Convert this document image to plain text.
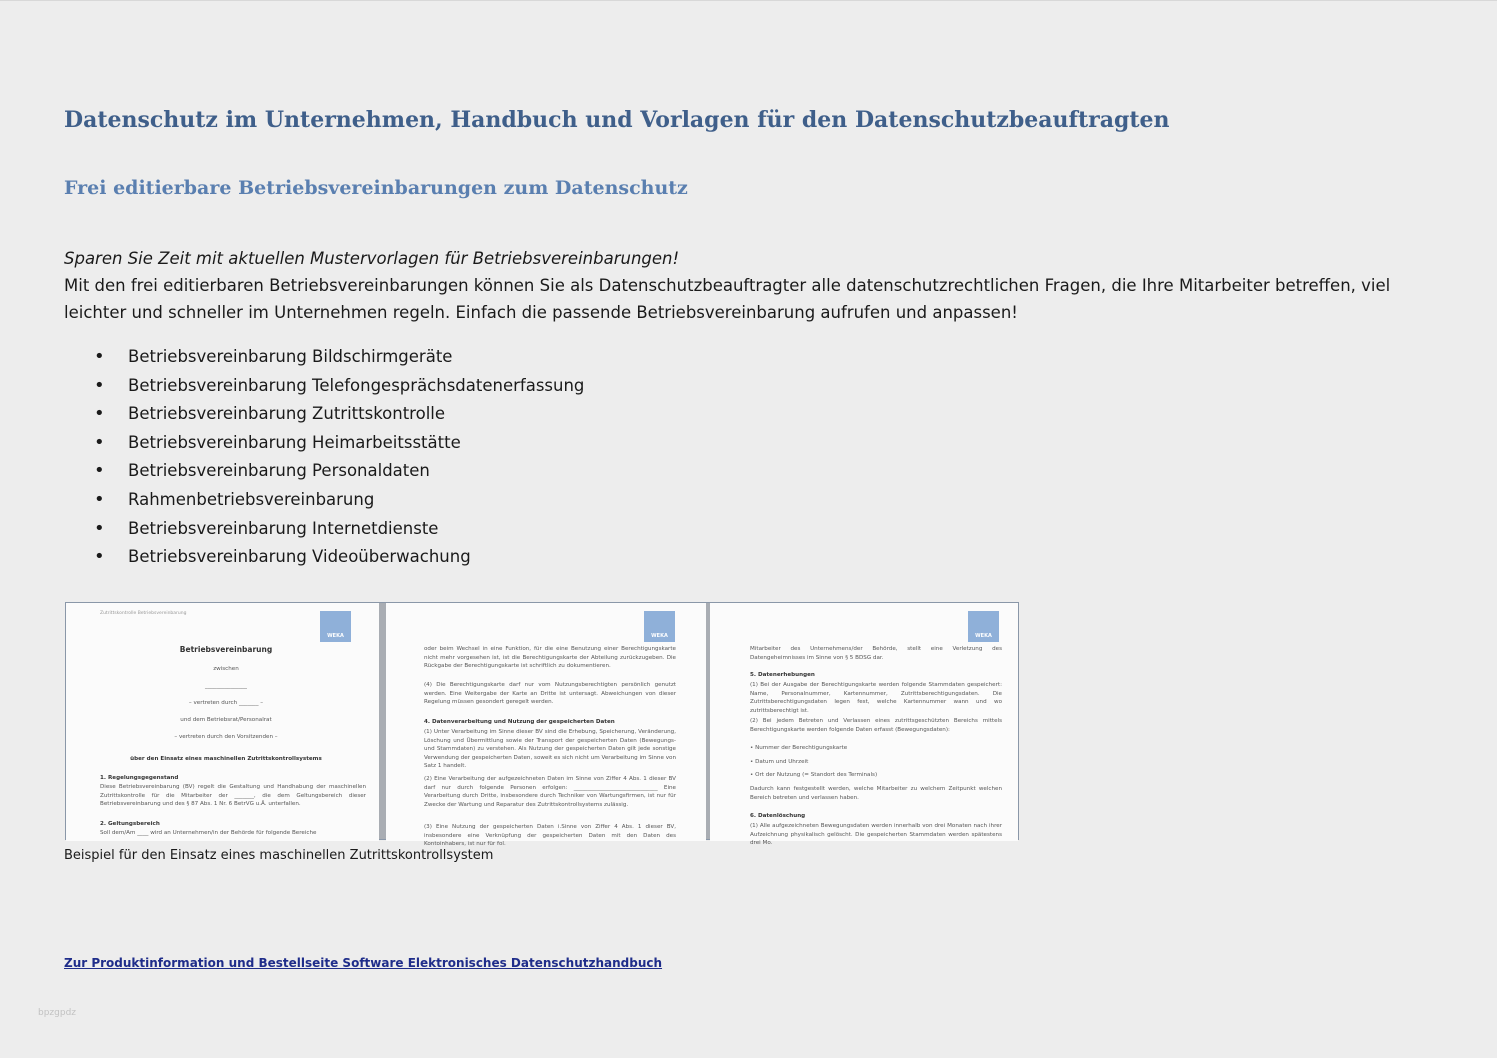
Datenschutz im Unternehmen, Handbuch und Vorlagen für den Datenschutzbeauftragten
Frei editierbare Betriebsvereinbarungen zum Datenschutz
Sparen Sie Zeit mit aktuellen Mustervorlagen für Betriebsvereinbarungen!
Mit den frei editierbaren Betriebsvereinbarungen können Sie als Datenschutzbeauftragter alle datenschutzrechtlichen Fragen, die Ihre Mitarbeiter betreffen, viel leichter und schneller im Unternehmen regeln. Einfach die passende Betriebsvereinbarung aufrufen und anpassen!
• Betriebsvereinbarung Bildschirmgeräte
• Betriebsvereinbarung Telefongesprächsdatenerfassung
• Betriebsvereinbarung Zutrittskontrolle
• Betriebsvereinbarung Heimarbeitsstätte
• Betriebsvereinbarung Personaldaten
• Rahmenbetriebsvereinbarung
• Betriebsvereinbarung Internetdienste
• Betriebsvereinbarung Videoüberwachung
Zutrittskontrolle Betriebsvereinbarung
WEKA
Betriebsvereinbarung
zwischen
_______________
– vertreten durch _______ –
und dem Betriebsrat/Personalrat
– vertreten durch den Vorsitzenden –
über den Einsatz eines maschinellen Zutrittskontrollsystems
1. Regelungsgegenstand
Diese Betriebsvereinbarung (BV) regelt die Gestaltung und Handhabung der maschinellen Zutrittskontrolle für die Mitarbeiter der _______, die dem Geltungsbereich dieser Betriebsvereinbarung und des § 87 Abs. 1 Nr. 6 BetrVG u.Ä. unterfallen.
2. Geltungsbereich
Soll dem/Am ____ wird an Unternehmen/in der Behörde für folgende Bereiche
WEKA
oder beim Wechsel in eine Funktion, für die eine Benutzung einer Berechtigungskarte nicht mehr vorgesehen ist, ist die Berechtigungskarte der Abteilung zurückzugeben. Die Rückgabe der Berechtigungskarte ist schriftlich zu dokumentieren.
(4) Die Berechtigungskarte darf nur vom Nutzungsberechtigten persönlich genutzt werden. Eine Weitergabe der Karte an Dritte ist untersagt. Abweichungen von dieser Regelung müssen gesondert geregelt werden.
4. Datenverarbeitung und Nutzung der gespeicherten Daten
(1) Unter Verarbeitung im Sinne dieser BV sind die Erhebung, Speicherung, Veränderung, Löschung und Übermittlung sowie der Transport der gespeicherten Daten (Bewegungs- und Stammdaten) zu verstehen. Als Nutzung der gespeicherten Daten gilt jede sonstige Verwendung der gespeicherten Daten, soweit es sich nicht um Verarbeitung im Sinne von Satz 1 handelt.
(2) Eine Verarbeitung der aufgezeichneten Daten im Sinne von Ziffer 4 Abs. 1 dieser BV darf nur durch folgende Personen erfolgen: ______________________________ Eine Verarbeitung durch Dritte, insbesondere durch Techniker von Wartungsfirmen, ist nur für Zwecke der Wartung und Reparatur des Zutrittskontrollsystems zulässig.
(3) Eine Nutzung der gespeicherten Daten i.Sinne von Ziffer 4 Abs. 1 dieser BV, insbesondere eine Verknüpfung der gespeicherten Daten mit den Daten des Kontoinhabers, ist nur für fol.
WEKA
Mitarbeiter des Unternehmens/der Behörde, stellt eine Verletzung des Datengeheimnisses im Sinne von § 5 BDSG dar.
5. Datenerhebungen
(1) Bei der Ausgabe der Berechtigungskarte werden folgende Stammdaten gespeichert: Name, Personalnummer, Kartennummer, Zutrittsberechtigungsdaten. Die Zutrittsberechtigungsdaten legen fest, welche Kartennummer wann und wo zutrittsberechtigt ist.
(2) Bei jedem Betreten und Verlassen eines zutrittsgeschützten Bereichs mittels Berechtigungskarte werden folgende Daten erfasst (Bewegungsdaten):
• Nummer der Berechtigungskarte
• Datum und Uhrzeit
• Ort der Nutzung (= Standort des Terminals)
Dadurch kann festgestellt werden, welche Mitarbeiter zu welchem Zeitpunkt welchen Bereich betreten und verlassen haben.
6. Datenlöschung
(1) Alle aufgezeichneten Bewegungsdaten werden innerhalb von drei Monaten nach ihrer Aufzeichnung physikalisch gelöscht. Die gespeicherten Stammdaten werden spätestens drei Mo.
Beispiel für den Einsatz eines maschinellen Zutrittskontrollsystem
Zur Produktinformation und Bestellseite Software Elektronisches Datenschutzhandbuch
bpzgpdz
